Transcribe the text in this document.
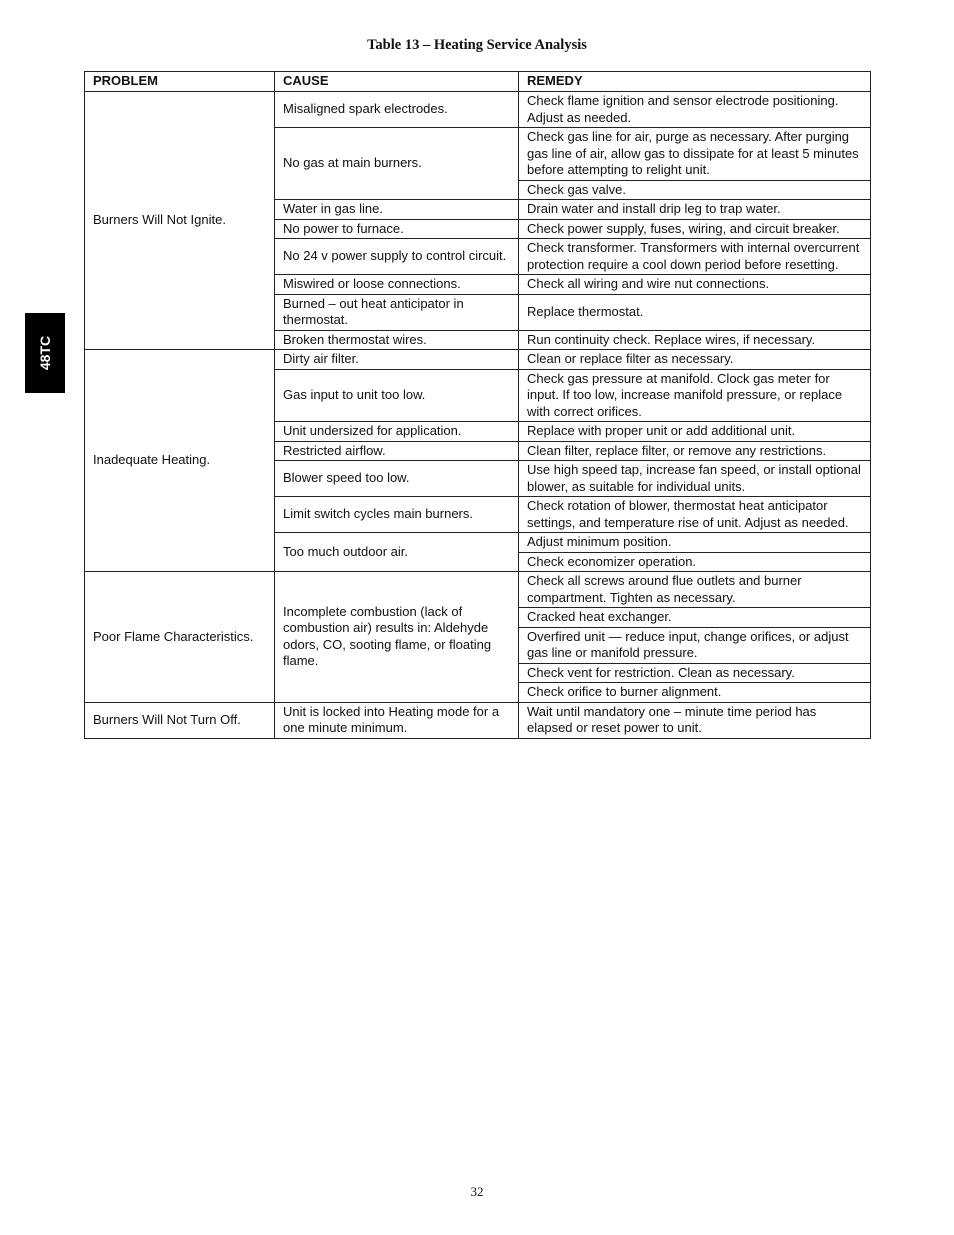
Table 13 – Heating Service Analysis
48TC
PROBLEM	CAUSE	REMEDY
Burners Will Not Ignite.	Misaligned spark electrodes.	Check flame ignition and sensor electrode positioning. Adjust as needed.
	No gas at main burners.	Check gas line for air, purge as necessary. After purging gas line of air, allow gas to dissipate for at least 5 minutes before attempting to relight unit.
		Check gas valve.
	Water in gas line.	Drain water and install drip leg to trap water.
	No power to furnace.	Check power supply, fuses, wiring, and circuit breaker.
	No 24 v power supply to control circuit.	Check transformer. Transformers with internal overcurrent protection require a cool down period before resetting.
	Miswired or loose connections.	Check all wiring and wire nut connections.
	Burned – out heat anticipator in thermostat.	Replace thermostat.
	Broken thermostat wires.	Run continuity check. Replace wires, if necessary.
Inadequate Heating.	Dirty air filter.	Clean or replace filter as necessary.
	Gas input to unit too low.	Check gas pressure at manifold. Clock gas meter for input. If too low, increase manifold pressure, or replace with correct orifices.
	Unit undersized for application.	Replace with proper unit or add additional unit.
	Restricted airflow.	Clean filter, replace filter, or remove any restrictions.
	Blower speed too low.	Use high speed tap, increase fan speed, or install optional blower, as suitable for individual units.
	Limit switch cycles main burners.	Check rotation of blower, thermostat heat anticipator settings, and temperature rise of unit. Adjust as needed.
	Too much outdoor air.	Adjust minimum position.
		Check economizer operation.
Poor Flame Characteristics.	Incomplete combustion (lack of combustion air) results in: Aldehyde odors, CO, sooting flame, or floating flame.	Check all screws around flue outlets and burner compartment. Tighten as necessary.
		Cracked heat exchanger.
		Overfired unit — reduce input, change orifices, or adjust gas line or manifold pressure.
		Check vent for restriction. Clean as necessary.
		Check orifice to burner alignment.
Burners Will Not Turn Off.	Unit is locked into Heating mode for a one minute minimum.	Wait until mandatory one – minute time period has elapsed or reset power to unit.
32
